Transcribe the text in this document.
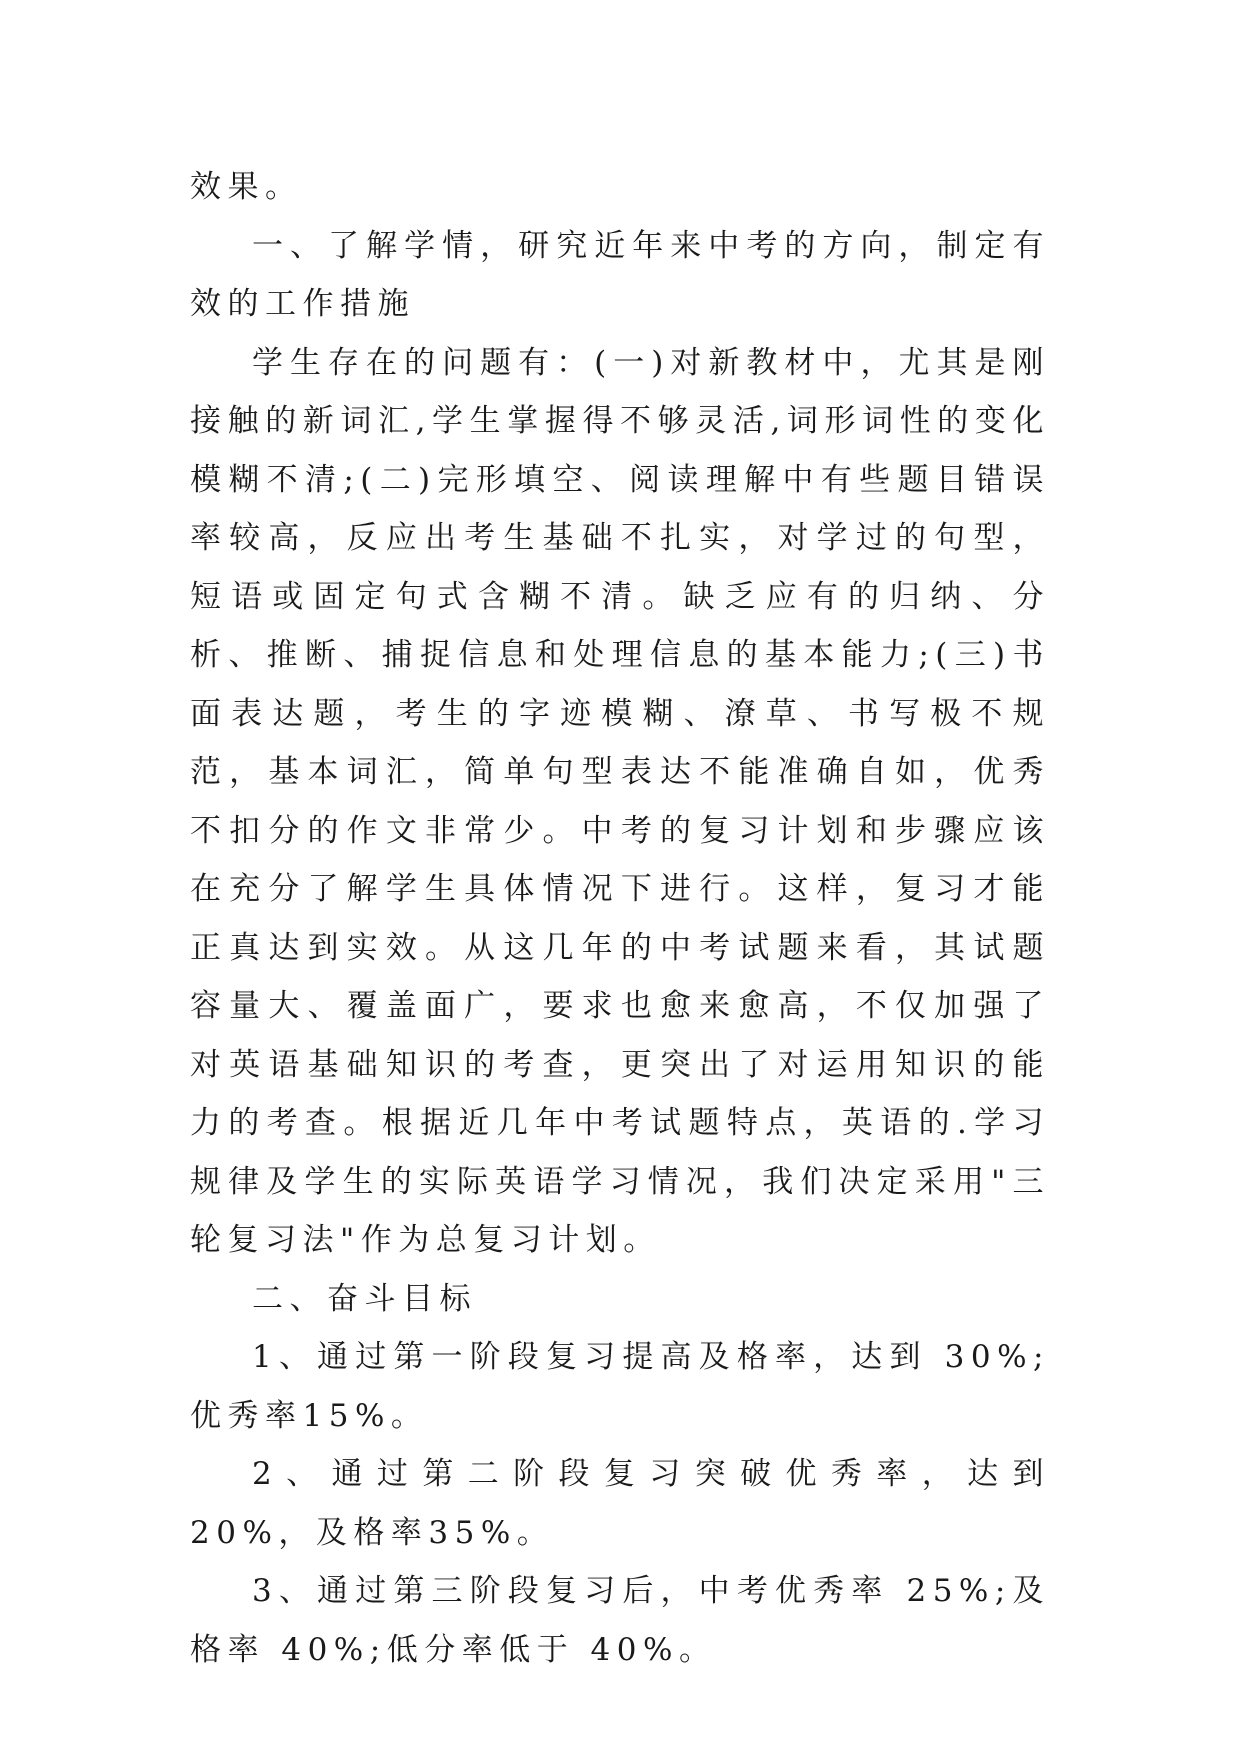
效果。

一、了解学情，研究近年来中考的方向，制定有效的工作措施

学生存在的问题有：(一)对新教材中，尤其是刚接触的新词汇,学生掌握得不够灵活,词形词性的变化模糊不清;(二)完形填空、阅读理解中有些题目错误率较高，反应出考生基础不扎实，对学过的句型，短语或固定句式含糊不清。缺乏应有的归纳、分析、推断、捕捉信息和处理信息的基本能力;(三)书面表达题，考生的字迹模糊、潦草、书写极不规范，基本词汇，简单句型表达不能准确自如，优秀不扣分的作文非常少。中考的复习计划和步骤应该在充分了解学生具体情况下进行。这样，复习才能正真达到实效。从这几年的中考试题来看，其试题容量大、覆盖面广，要求也愈来愈高，不仅加强了对英语基础知识的考查，更突出了对运用知识的能力的考查。根据近几年中考试题特点，英语的.学习规律及学生的实际英语学习情况，我们决定采用"三轮复习法"作为总复习计划。

二、奋斗目标

1、通过第一阶段复习提高及格率，达到 30%;优秀率15%。

2、通过第二阶段复习突破优秀率，达到 20%，及格率35%。

3、通过第三阶段复习后，中考优秀率 25%;及格率 40%;低分率低于 40%。
